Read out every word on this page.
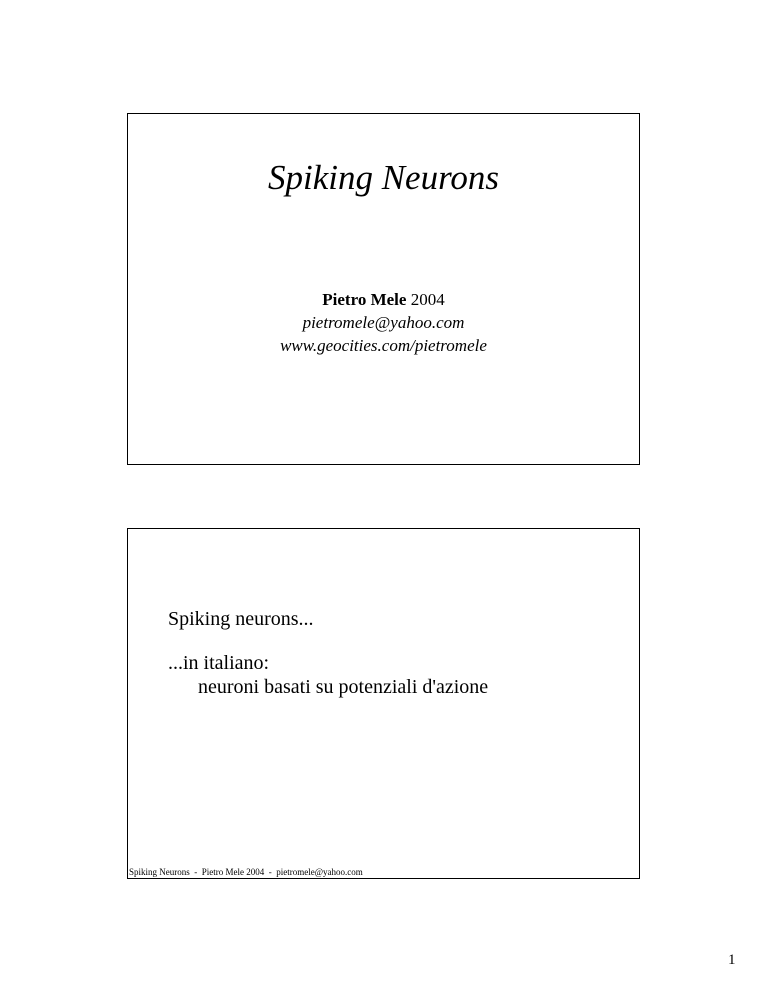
Spiking Neurons
Pietro Mele 2004
pietromele@yahoo.com
www.geocities.com/pietromele
Spiking neurons...
...in italiano:
neuroni basati su potenziali d'azione
Spiking Neurons  -  Pietro Mele 2004  -  pietromele@yahoo.com
1
